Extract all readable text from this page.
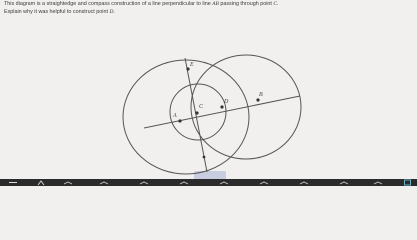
This diagram is a straightedge and compass construction of a line perpendicular to line AB passing through point C.
Explain why it was helpful to construct point D.
E
A
C
D
B
